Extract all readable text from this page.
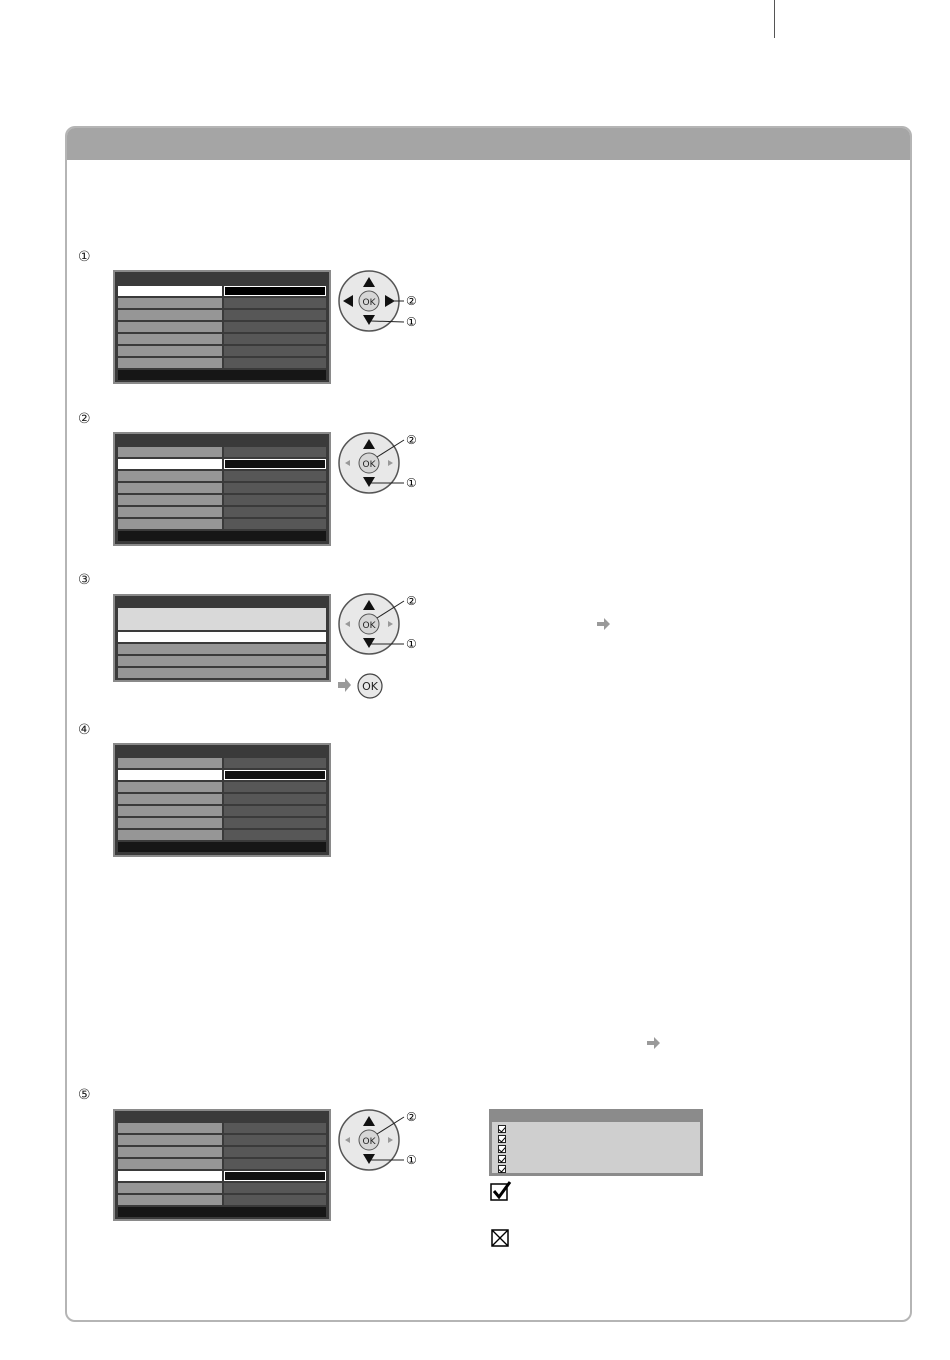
①
OK	②
①
②
OK
②
①
③
OK
②
①
OK
④
⑤
OK
②
①
